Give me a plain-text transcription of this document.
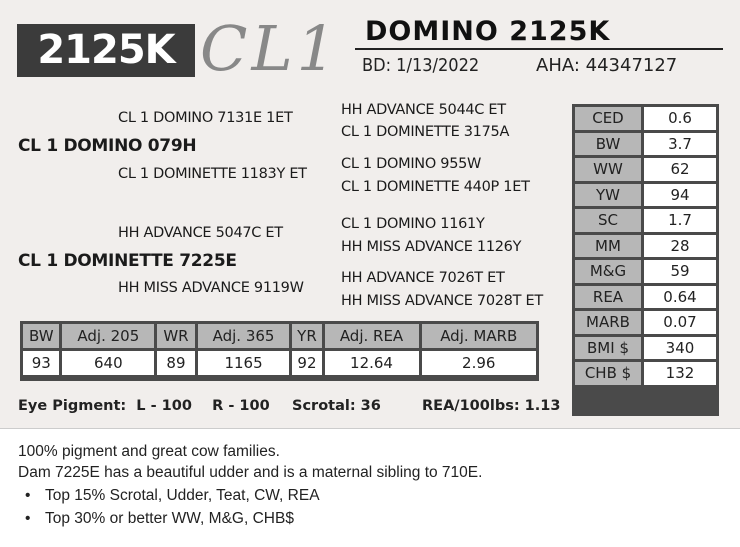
2125K CL1 DOMINO 2125K
BD: 1/13/2022	AHA: 44347127
CL 1 DOMINO 7131E 1ET
CL 1 DOMINO 079H
CL 1 DOMINETTE 1183Y ET
HH ADVANCE 5044C ET
CL 1 DOMINETTE 3175A
CL 1 DOMINO 955W
CL 1 DOMINETTE 440P 1ET
HH ADVANCE 5047C ET
CL 1 DOMINETTE 7225E
HH MISS ADVANCE 9119W
CL 1 DOMINO 1161Y
HH MISS ADVANCE 1126Y
HH ADVANCE 7026T ET
HH MISS ADVANCE 7028T ET
CED	0.6
BW	3.7
WW	62
YW	94
SC	1.7
MM	28
M&G	59
REA	0.64
MARB	0.07
BMI $	340
CHB $	132
BW	Adj. 205	WR	Adj. 365	YR	Adj. REA	Adj. MARB
93	640	89	1165	92	12.64	2.96
Eye Pigment:  L - 100    R - 100 Scrotal: 36	REA/100lbs: 1.13
100% pigment and great cow families.
Dam 7225E has a beautiful udder and is a maternal sibling to 710E.
• Top 15% Scrotal, Udder, Teat, CW, REA
• Top 30% or better WW, M&G, CHB$
